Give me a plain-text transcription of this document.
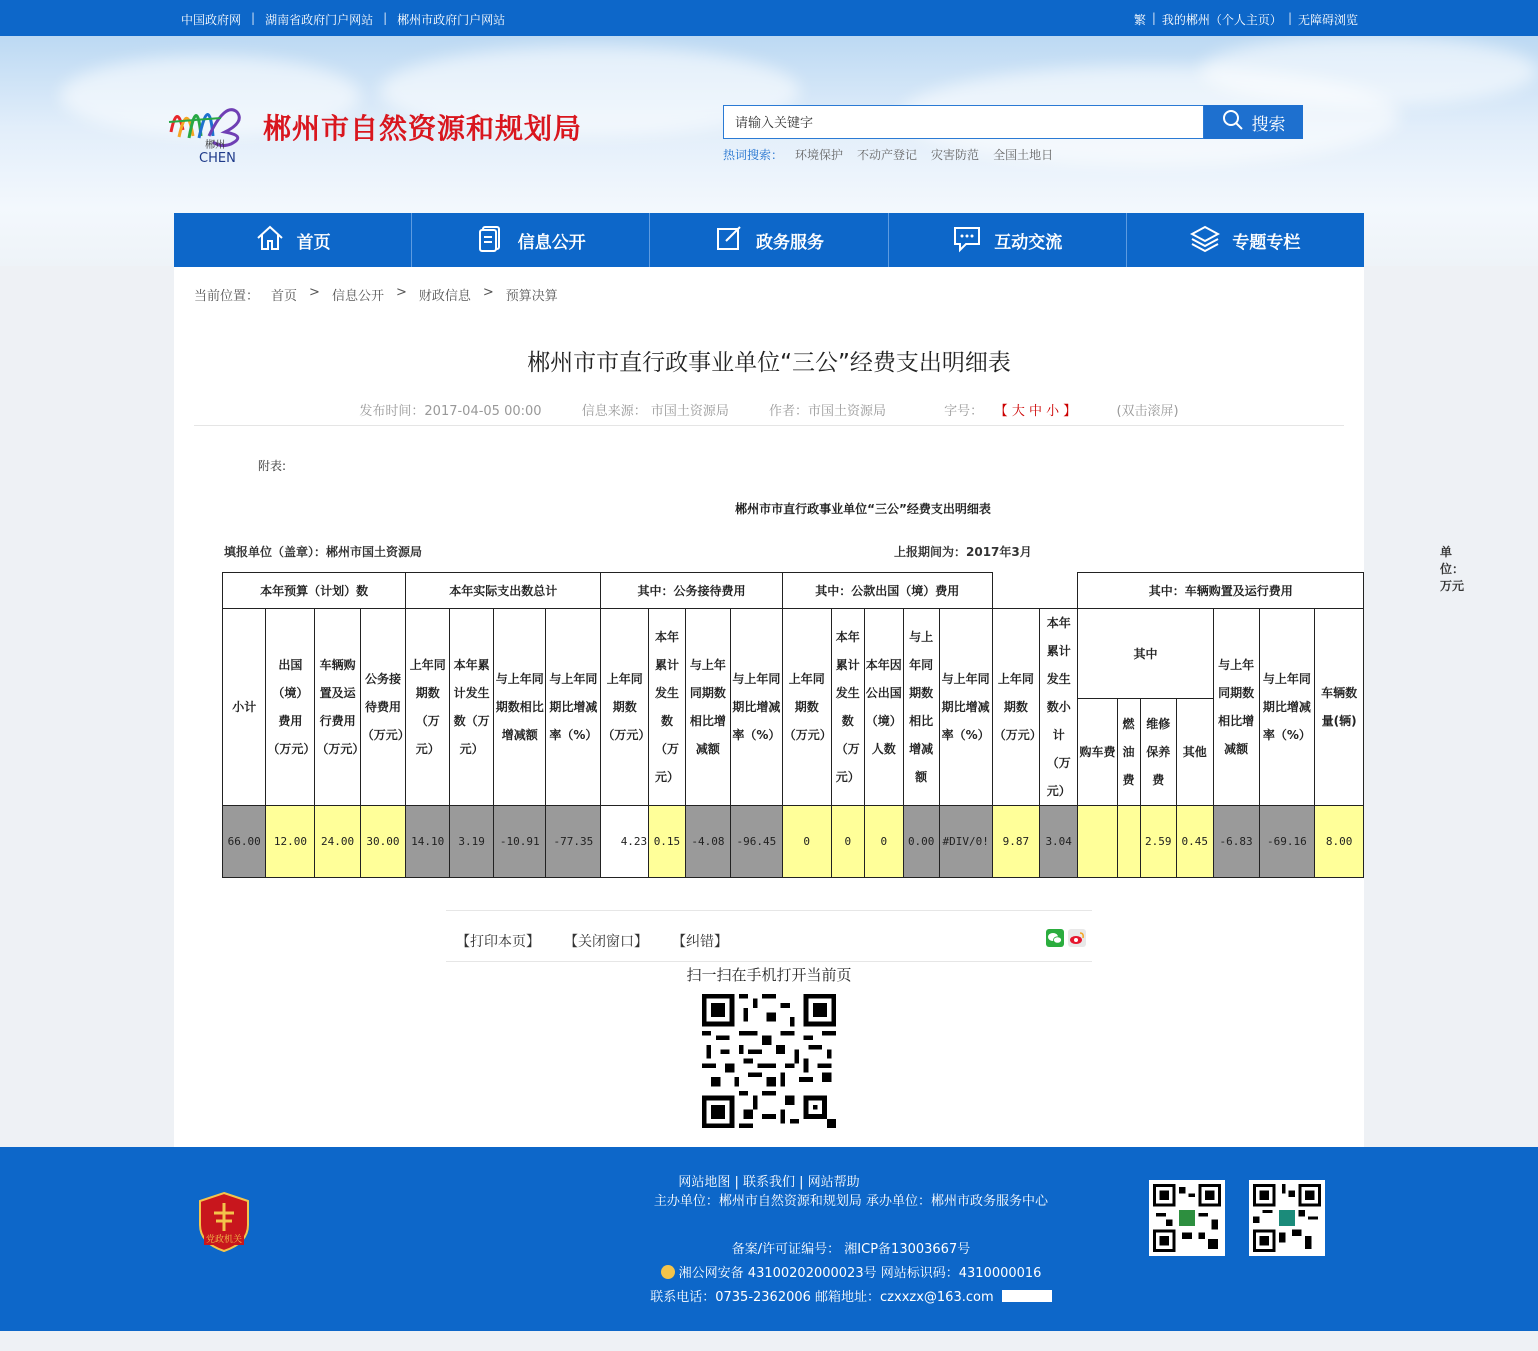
中国政府网 | 湖南省政府门户网站 | 郴州市政府门户网站	繁 | 我的郴州（个人主页） | 无障碍浏览
郴州
CHEN
郴州市自然资源和规划局
请输入关键字	搜索
热词搜索： 环境保护 不动产登记 灾害防范 全国土地日
首页	信息公开	政务服务	互动交流	专题专栏
当前位置： 首页 > 信息公开 > 财政信息 > 预算决算
郴州市市直行政事业单位“三公”经费支出明细表
发布时间：2017-04-05 00:00	信息来源： 市国土资源局	作者：市国土资源局	字号： 【 大 中 小 】	(双击滚屏)
附表:
郴州市市直行政事业单位“三公”经费支出明细表
填报单位（盖章）：郴州市国土资源局	上报期间为：2017年3月	单位：万元
本年预算（计划）数				本年实际支出数总计				其中：公务接待费用				其中：公款出国（境）费用							其中：车辆购置及运行费用						
小计	出国（境）费用（万元）	车辆购置及运行费用（万元）	公务接待费用（万元）	上年同期数（万元）	本年累计发生数（万元）	与上年同期数相比增减额	与上年同期比增减率（%）	上年同期数（万元）	本年累计发生数（万元）	与上年同期数相比增减额	与上年同期比增减率（%）	上年同期数（万元）	本年累计发生数（万元）	本年因公出国（境）人数	与上年同期数相比增减额	与上年同期比增减率（%）	上年同期数（万元）	本年累计发生数小计（万元）	其中				与上年同期数相比增减额	与上年同期比增减率（%）	车辆数量(辆)
																			购车费	燃油费	维修保养费	其他			
66.00	12.00	24.00	30.00	14.10	3.19	-10.91	-77.35	4.23	0.15	-4.08	-96.45	0	0	0	0.00	#DIV/0!	9.87	3.04			2.59	0.45	-6.83	-69.16	8.00
【打印本页】 【关闭窗口】 【纠错】
扫一扫在手机打开当前页
党政机关
网站地图 | 联系我们 | 网站帮助
主办单位：郴州市自然资源和规划局 承办单位：郴州市政务服务中心
备案/许可证编号： 湘ICP备13003667号
湘公网安备 43100202000023号 网站标识码：4310000016
联系电话：0735-2362006 邮箱地址：czxxzx@163.com
